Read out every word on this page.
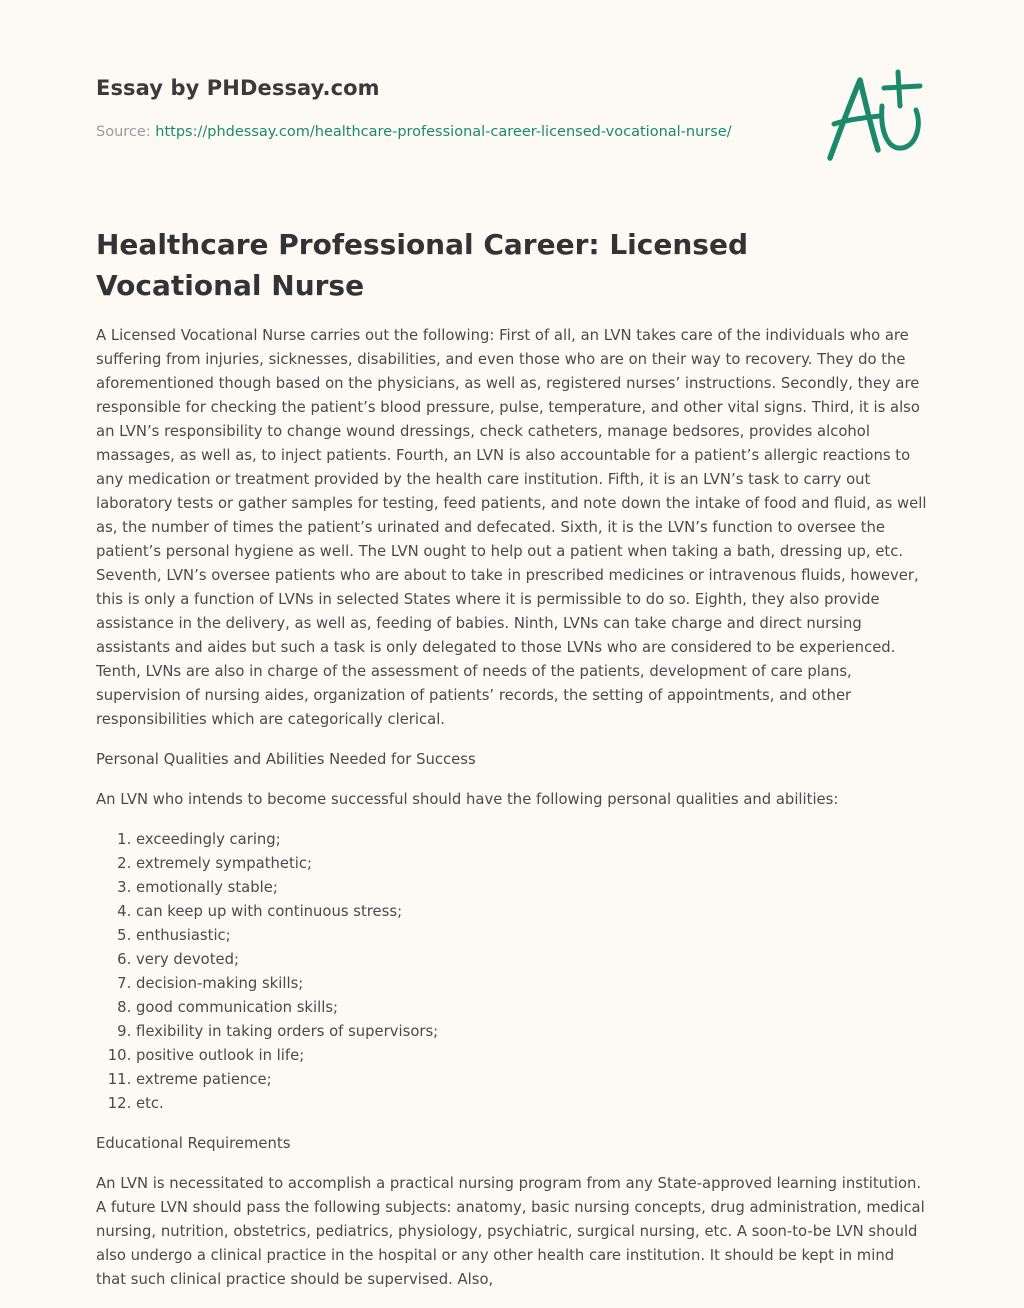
Essay by PHDessay.com

Source: https://phdessay.com/healthcare-professional-career-licensed-vocational-nurse/

Healthcare Professional Career: Licensed Vocational Nurse

A Licensed Vocational Nurse carries out the following: First of all, an LVN takes care of the individuals who are suffering from injuries, sicknesses, disabilities, and even those who are on their way to recovery. They do the aforementioned though based on the physicians, as well as, registered nurses’ instructions. Secondly, they are responsible for checking the patient’s blood pressure, pulse, temperature, and other vital signs. Third, it is also an LVN’s responsibility to change wound dressings, check catheters, manage bedsores, provides alcohol massages, as well as, to inject patients. Fourth, an LVN is also accountable for a patient’s allergic reactions to any medication or treatment provided by the health care institution. Fifth, it is an LVN’s task to carry out laboratory tests or gather samples for testing, feed patients, and note down the intake of food and fluid, as well as, the number of times the patient’s urinated and defecated. Sixth, it is the LVN’s function to oversee the patient’s personal hygiene as well. The LVN ought to help out a patient when taking a bath, dressing up, etc. Seventh, LVN’s oversee patients who are about to take in prescribed medicines or intravenous fluids, however, this is only a function of LVNs in selected States where it is permissible to do so. Eighth, they also provide assistance in the delivery, as well as, feeding of babies. Ninth, LVNs can take charge and direct nursing assistants and aides but such a task is only delegated to those LVNs who are considered to be experienced. Tenth, LVNs are also in charge of the assessment of needs of the patients, development of care plans, supervision of nursing aides, organization of patients’ records, the setting of appointments, and other responsibilities which are categorically clerical.

Personal Qualities and Abilities Needed for Success

An LVN who intends to become successful should have the following personal qualities and abilities:

1. exceedingly caring;
2. extremely sympathetic;
3. emotionally stable;
4. can keep up with continuous stress;
5. enthusiastic;
6. very devoted;
7. decision-making skills;
8. good communication skills;
9. flexibility in taking orders of supervisors;
10. positive outlook in life;
11. extreme patience;
12. etc.

Educational Requirements

An LVN is necessitated to accomplish a practical nursing program from any State-approved learning institution. A future LVN should pass the following subjects: anatomy, basic nursing concepts, drug administration, medical nursing, nutrition, obstetrics, pediatrics, physiology, psychiatric, surgical nursing, etc. A soon-to-be LVN should also undergo a clinical practice in the hospital or any other health care institution. It should be kept in mind that such clinical practice should be supervised. Also,
